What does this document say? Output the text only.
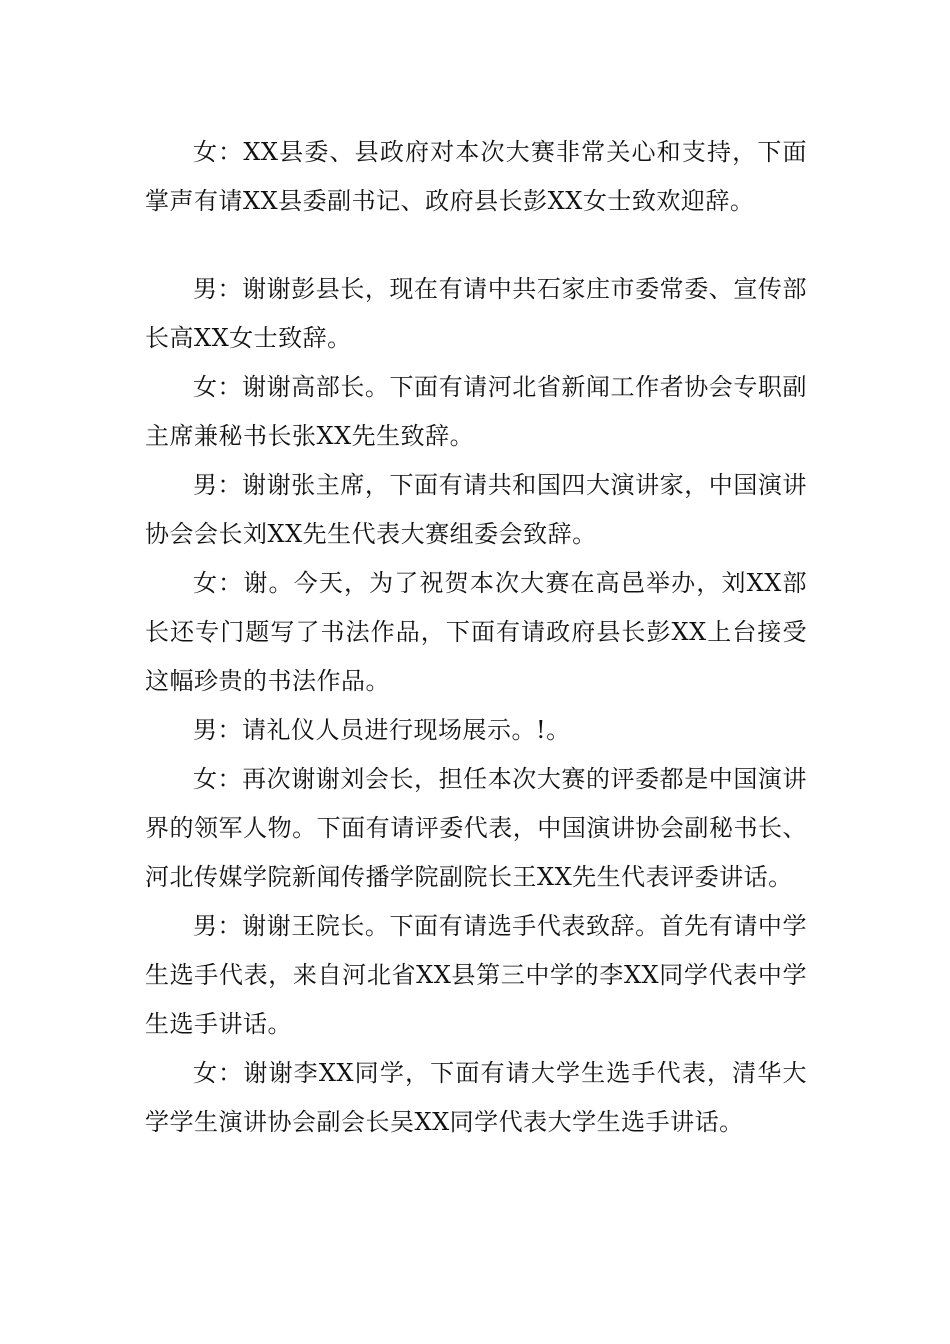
女：XX县委、县政府对本次大赛非常关心和支持，下面掌声有请XX县委副书记、政府县长彭XX女士致欢迎辞。

男：谢谢彭县长，现在有请中共石家庄市委常委、宣传部长高XX女士致辞。

女：谢谢高部长。下面有请河北省新闻工作者协会专职副主席兼秘书长张XX先生致辞。

男：谢谢张主席，下面有请共和国四大演讲家，中国演讲协会会长刘XX先生代表大赛组委会致辞。

女：谢。今天，为了祝贺本次大赛在高邑举办，刘XX部长还专门题写了书法作品，下面有请政府县长彭XX上台接受这幅珍贵的书法作品。

男：请礼仪人员进行现场展示。!。

女：再次谢谢刘会长，担任本次大赛的评委都是中国演讲界的领军人物。下面有请评委代表，中国演讲协会副秘书长、河北传媒学院新闻传播学院副院长王XX先生代表评委讲话。

男：谢谢王院长。下面有请选手代表致辞。首先有请中学生选手代表，来自河北省XX县第三中学的李XX同学代表中学生选手讲话。

女：谢谢李XX同学，下面有请大学生选手代表，清华大学学生演讲协会副会长吴XX同学代表大学生选手讲话。
